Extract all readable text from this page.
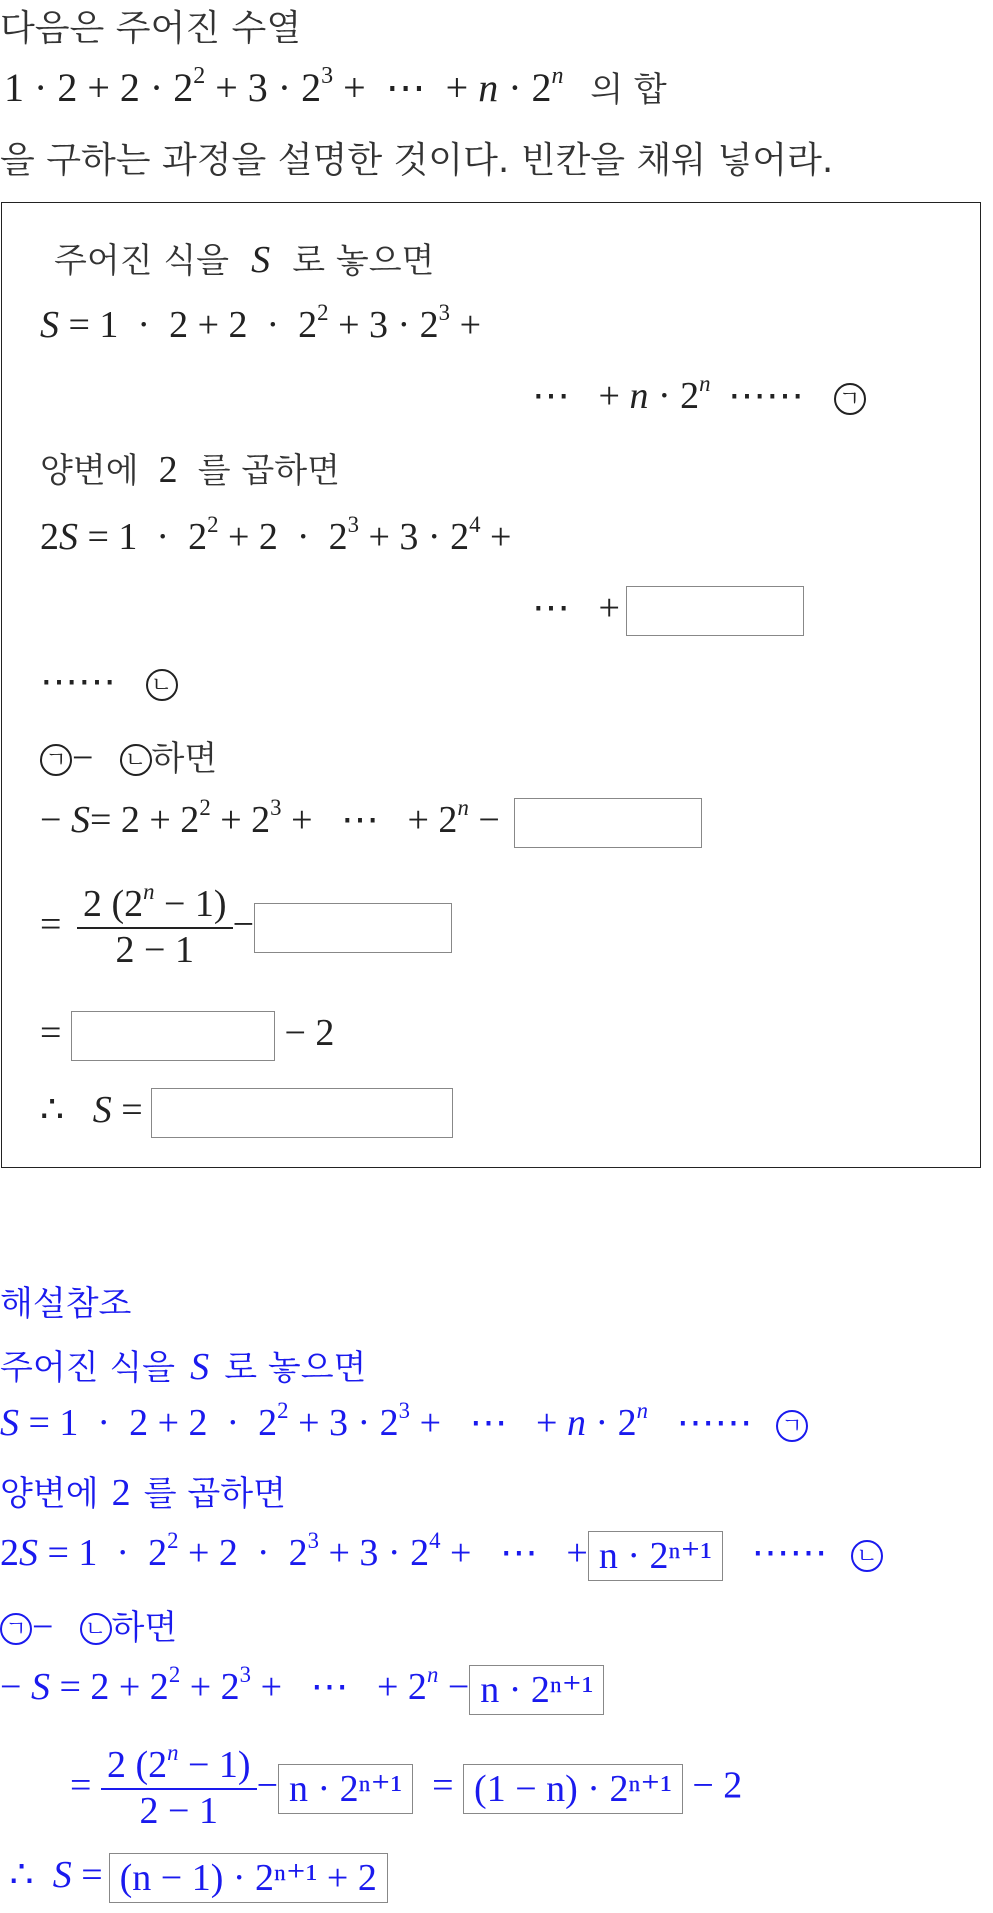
다음은 주어진 수열
$1 \cdot 2 + 2 \cdot 2^2 + 3 \cdot 2^3$ +  ⋯  + $n \cdot 2^n$ 의 합
을 구하는 과정을 설명한 것이다. 빈칸을 채워 넣어라.
주어진 식을 S 로 놓으면
$S = 1 \cdot 2 + 2 \cdot 2^2 + 3 \cdot 2^3$ +
⋯   + $n \cdot 2^n$ ⋯⋯ ㄱ
양변에 2 를 곱하면
$2S = 1 \cdot 2^2 + 2 \cdot 2^3 + 3 \cdot 2^4$ +
⋯   +
⋯⋯ ㄴ
ㄱ − ㄴ 하면
− $S= 2 + 2^2 + 2^3$ +   ⋯   + $2^n$ −
= $\frac{2 (2^n - 1)}{2 - 1}$ −
=	− 2
∴ S =
해설참조
주어진 식을 S 로 놓으면
$S = 1 \cdot 2 + 2 \cdot 2^2 + 3 \cdot 2^3$ +   ⋯   + $n \cdot 2^n$ ⋯⋯ ㄱ
양변에 2 를 곱하면
$2S = 1 \cdot 2^2 + 2 \cdot 2^3 + 3 \cdot 2^4$ +   ⋯   + n · 2ⁿ⁺¹ ⋯⋯ ㄴ
ㄱ − ㄴ 하면
− $S = 2 + 2^2 + 2^3$ +   ⋯   + $2^n - n \cdot 2^{n+1}$
= $\frac{2 (2^n - 1)}{2 - 1} - n \cdot 2^{n+1} = (1 - n) \cdot 2^{n+1} - 2$
∴ S = (n − 1) · 2ⁿ⁺¹ + 2
